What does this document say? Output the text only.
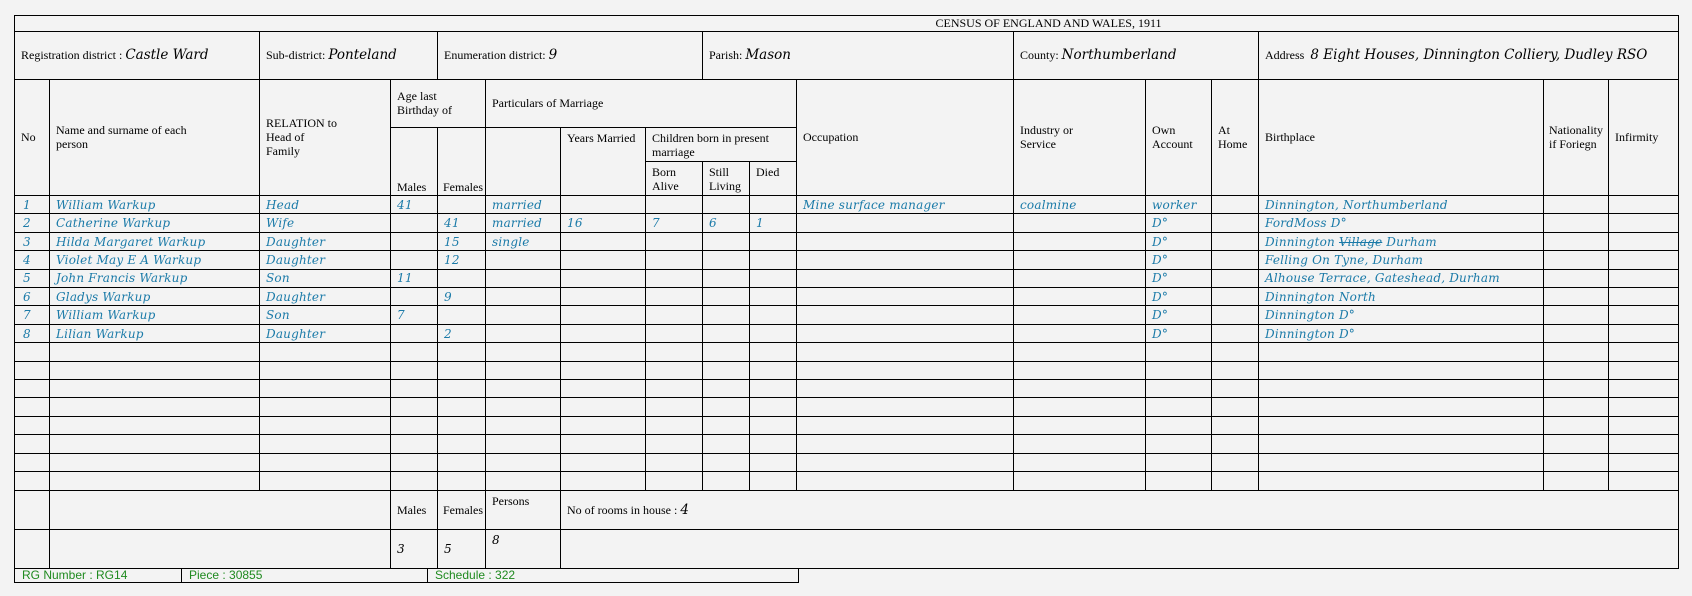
												CENSUS OF ENGLAND AND WALES, 1911				
Registration district : Castle Ward		Sub-district: Ponteland		Enumeration district: 9				Parish: Mason			County: Northumberland			Address 8 Eight Houses, Dinnington Colliery, Dudley RSO		
No	Name and surname of each person	RELATION to Head of Family	Age last Birthday of		Particulars of Marriage					Occupation	Industry or Service	Own Account	At Home	Birthplace	Nationality if Foriegn	Infirmity
			Males	Females		Years Married	Children born in present marriage									
							Born Alive	Still Living	Died							
1	William Warkup	Head	41		married					Mine surface manager	coalmine	worker		Dinnington, Northumberland		
2	Catherine Warkup	Wife		41	married	16	7	6	1			D°		FordMoss D°		
3	Hilda Margaret Warkup	Daughter		15	single							D°		Dinnington Village Durham		
4	Violet May E A Warkup	Daughter		12								D°		Felling On Tyne, Durham		
5	John Francis Warkup	Son	11									D°		Alhouse Terrace, Gateshead, Durham		
6	Gladys Warkup	Daughter		9								D°		Dinnington North		
7	William Warkup	Son	7									D°		Dinnington D°		
8	Lilian Warkup	Daughter		2								D°		Dinnington D°		

			Males	Females	Persons	No of rooms in house : 4										
			3	5	8											
RG Number : RG14	Piece : 30855	Schedule : 322
